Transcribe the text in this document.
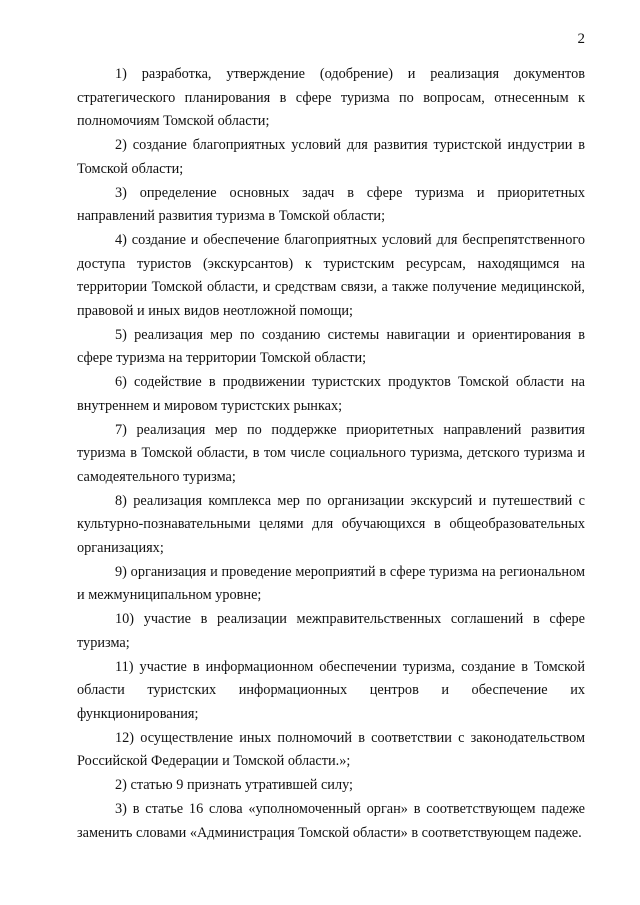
2

1) разработка, утверждение (одобрение) и реализация документов стратегического планирования в сфере туризма по вопросам, отнесенным к полномочиям Томской области;

2) создание благоприятных условий для развития туристской индустрии в Томской области;

3) определение основных задач в сфере туризма и приоритетных направлений развития туризма в Томской области;

4) создание и обеспечение благоприятных условий для беспрепятственного доступа туристов (экскурсантов) к туристским ресурсам, находящимся на территории Томской области, и средствам связи, а также получение медицинской, правовой и иных видов неотложной помощи;

5) реализация мер по созданию системы навигации и ориентирования в сфере туризма на территории Томской области;

6) содействие в продвижении туристских продуктов Томской области на внутреннем и мировом туристских рынках;

7) реализация мер по поддержке приоритетных направлений развития туризма в Томской области, в том числе социального туризма, детского туризма и самодеятельного туризма;

8) реализация комплекса мер по организации экскурсий и путешествий с культурно-познавательными целями для обучающихся в общеобразовательных организациях;

9) организация и проведение мероприятий в сфере туризма на региональном и межмуниципальном уровне;

10) участие в реализации межправительственных соглашений в сфере туризма;

11) участие в информационном обеспечении туризма, создание в Томской области туристских информационных центров и обеспечение их функционирования;

12) осуществление иных полномочий в соответствии с законодательством Российской Федерации и Томской области.»;

2) статью 9 признать утратившей силу;

3) в статье 16 слова «уполномоченный орган» в соответствующем падеже заменить словами «Администрация Томской области» в соответствующем падеже.
